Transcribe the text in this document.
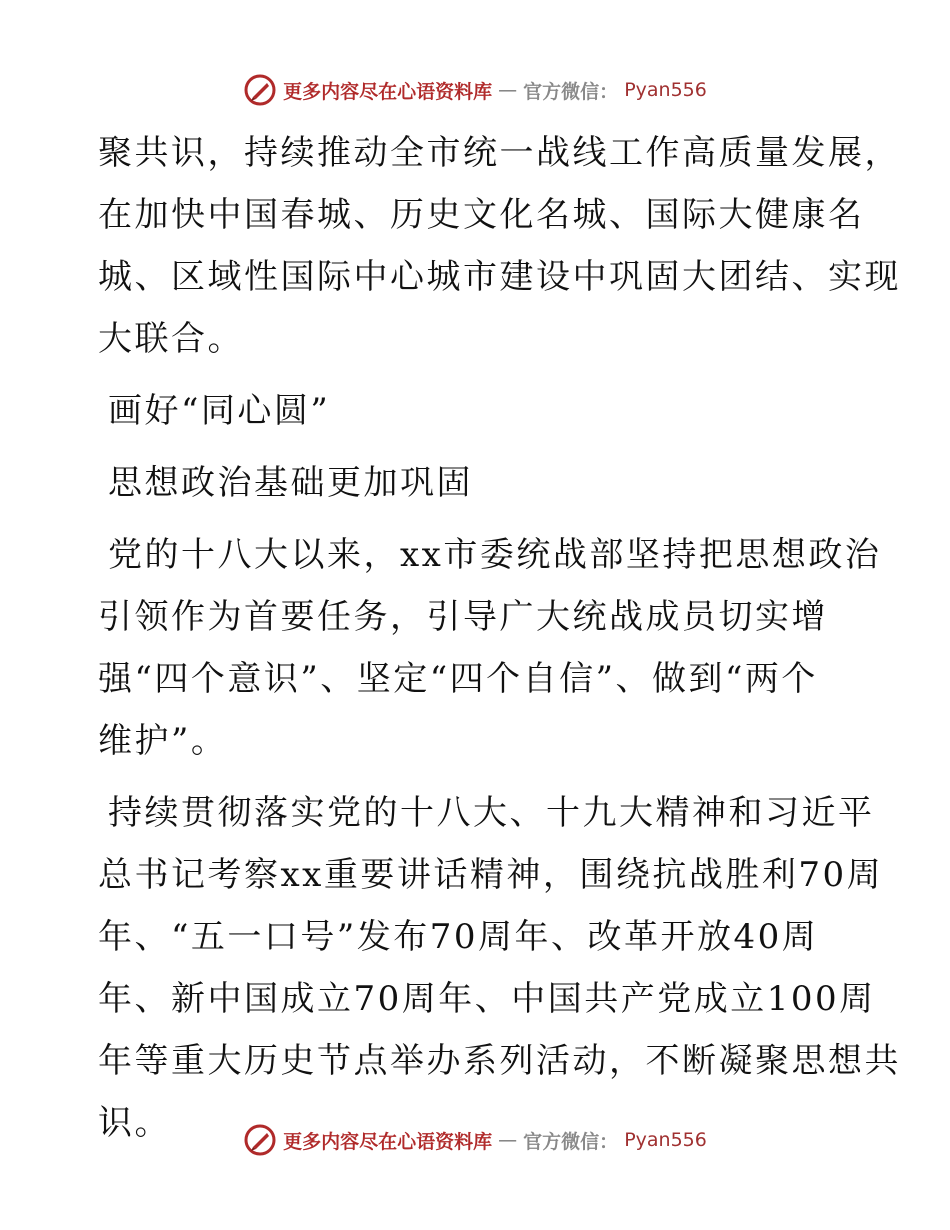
更多内容尽在心语资料库 — 官方微信： Pyan556

聚共识，持续推动全市统一战线工作高质量发展，
在加快中国春城、历史文化名城、国际大健康名
城、区域性国际中心城市建设中巩固大团结、实现
大联合。

画好“同心圆”

思想政治基础更加巩固

党的十八大以来，xx市委统战部坚持把思想政治
引领作为首要任务，引导广大统战成员切实增
强“四个意识”、坚定“四个自信”、做到“两个
维护”。

持续贯彻落实党的十八大、十九大精神和习近平
总书记考察xx重要讲话精神，围绕抗战胜利70周
年、“五一口号”发布70周年、改革开放40周
年、新中国成立70周年、中国共产党成立100周
年等重大历史节点举办系列活动，不断凝聚思想共
识。	更多内容尽在心语资料库 — 官方微信： Pyan556
